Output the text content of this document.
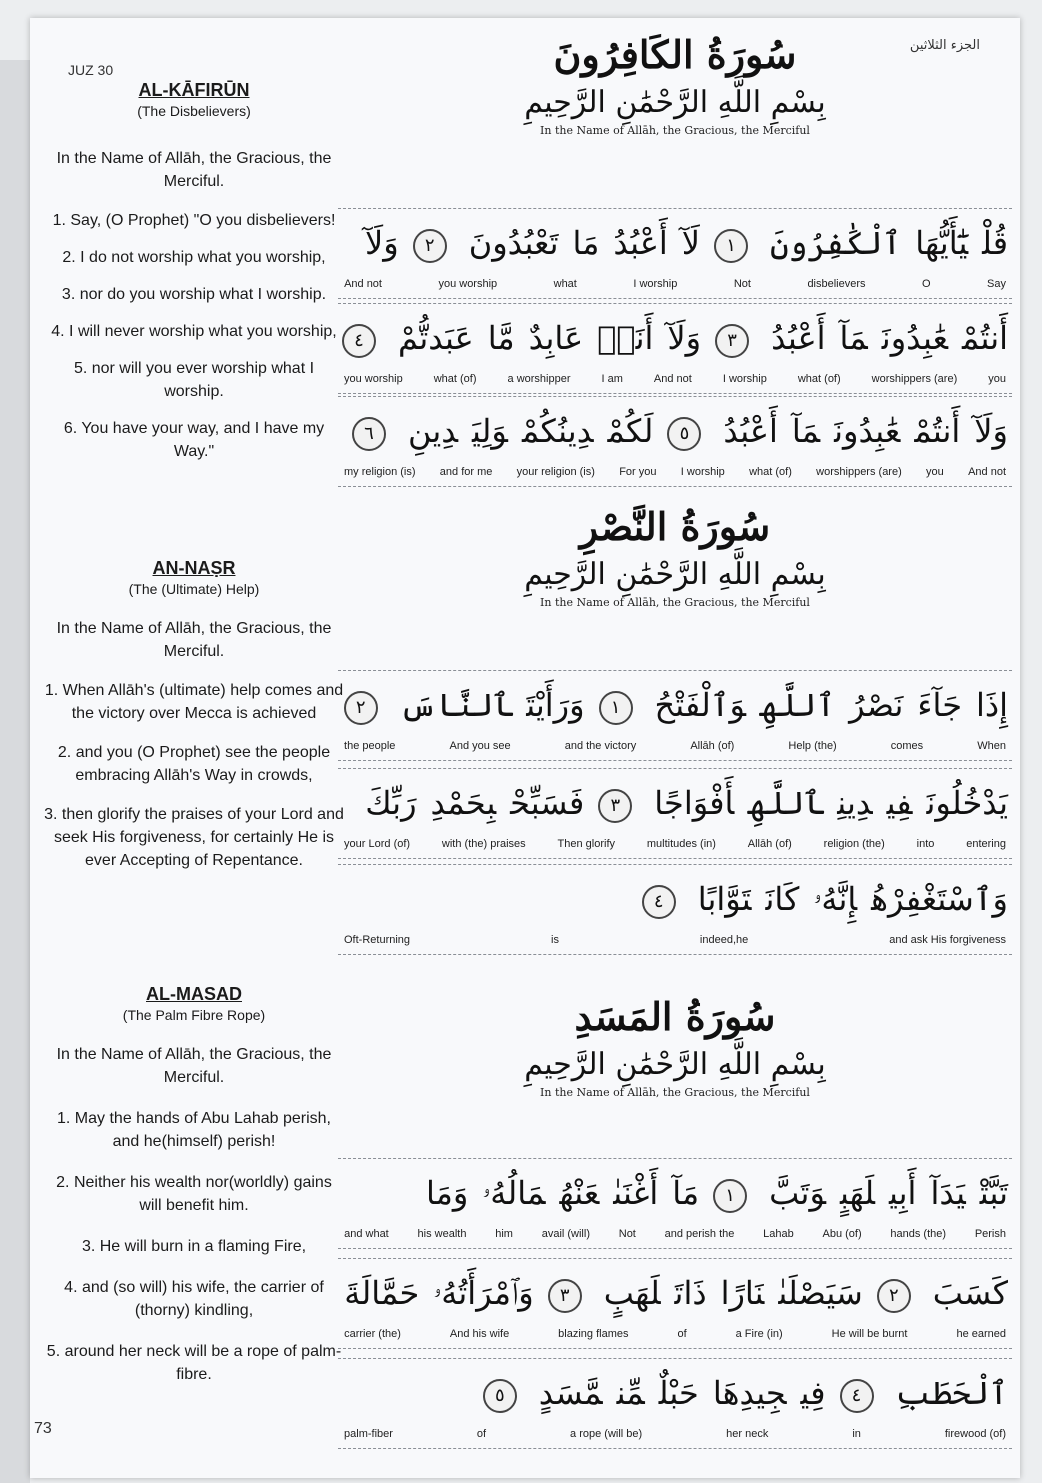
JUZ 30
الجزء الثلاثين
73
AL-KĀFIRŪN
(The Disbelievers)
In the Name of Allāh, the Gracious, the Merciful.
1. Say, (O Prophet) "O you disbelievers!
2. I do not worship what you worship,
3. nor do you worship what I worship.
4. I will never worship what you worship,
5. nor will you ever worship what I worship.
6. You have your way, and I have my Way."
AN-NAṢR
(The (Ultimate) Help)
In the Name of Allāh, the Gracious, the Merciful.
1. When Allāh's (ultimate) help comes and the victory over Mecca is achieved
2. and you (O Prophet) see the people embracing Allāh's Way in crowds,
3. then glorify the praises of your Lord and seek His forgiveness, for certainly He is ever Accepting of Repentance.
AL-MASAD
(The Palm Fibre Rope)
In the Name of Allāh, the Gracious, the Merciful.
1. May the hands of Abu Lahab perish, and he(himself) perish!
2. Neither his wealth nor(worldly) gains will benefit him.
3. He will burn in a flaming Fire,
4. and (so will) his wife, the carrier of (thorny) kindling,
5. around her neck will be a rope of palm-fibre.
سُورَةُ الكَافِرُونَ
بِسْمِ اللَّهِ الرَّحْمَٰنِ الرَّحِيمِ
In the Name of Allāh, the Gracious, the Merciful
قُلْيَٰٓأَيُّهَاٱلْكَٰفِرُونَ١لَآأَعْبُدُمَاتَعْبُدُونَ٢وَلَآ
Say
O
disbelievers
Not
I worship
what
you worship
And not
أَنتُمْعَٰبِدُونَمَآأَعْبُدُ٣وَلَآأَنَا۠عَابِدٌمَّاعَبَدتُّمْ٤
you
worshippers (are)
what (of)
I worship
And not
I am
a worshipper
what (of)
you worship
وَلَآأَنتُمْعَٰبِدُونَمَآأَعْبُدُ٥لَكُمْدِينُكُمْوَلِيَدِينِ٦
And not
you
worshippers (are)
what (of)
I worship
For you
your religion (is)
and for me
my religion (is)
سُورَةُ النَّصْرِ
بِسْمِ اللَّهِ الرَّحْمَٰنِ الرَّحِيمِ
In the Name of Allāh, the Gracious, the Merciful
إِذَاجَآءَنَصْرُٱللَّهِوَٱلْفَتْحُ١وَرَأَيْتَٱلنَّاسَ٢
When
comes
Help (the)
Allāh (of)
and the victory
And you see
the people
يَدْخُلُونَفِيدِينِٱللَّهِأَفْوَاجًا٣فَسَبِّحْبِحَمْدِرَبِّكَ
entering
into
religion (the)
Allāh (of)
multitudes (in)
Then glorify
with (the) praises
your Lord (of)
وَٱسْتَغْفِرْهُإِنَّهُۥكَانَتَوَّابًا٤
and ask His forgiveness
indeed,he
is
Oft-Returning
سُورَةُ المَسَدِ
بِسْمِ اللَّهِ الرَّحْمَٰنِ الرَّحِيمِ
In the Name of Allāh, the Gracious, the Merciful
تَبَّتْيَدَآأَبِيلَهَبٍوَتَبَّ١مَآأَغْنَىٰعَنْهُمَالُهُۥوَمَا
Perish
hands (the)
Abu (of)
Lahab
and perish the
Not
avail (will)
him
his wealth
and what
كَسَبَ٢سَيَصْلَىٰنَارًاذَاتَلَهَبٍ٣وَٱمْرَأَتُهُۥحَمَّالَةَ
he earned
He will be burnt
a Fire (in)
of
blazing flames
And his wife
carrier (the)
ٱلْحَطَبِ٤فِيجِيدِهَاحَبْلٌمِّنمَّسَدٍ٥
firewood (of)
in
her neck
a rope (will be)
of
palm-fiber
